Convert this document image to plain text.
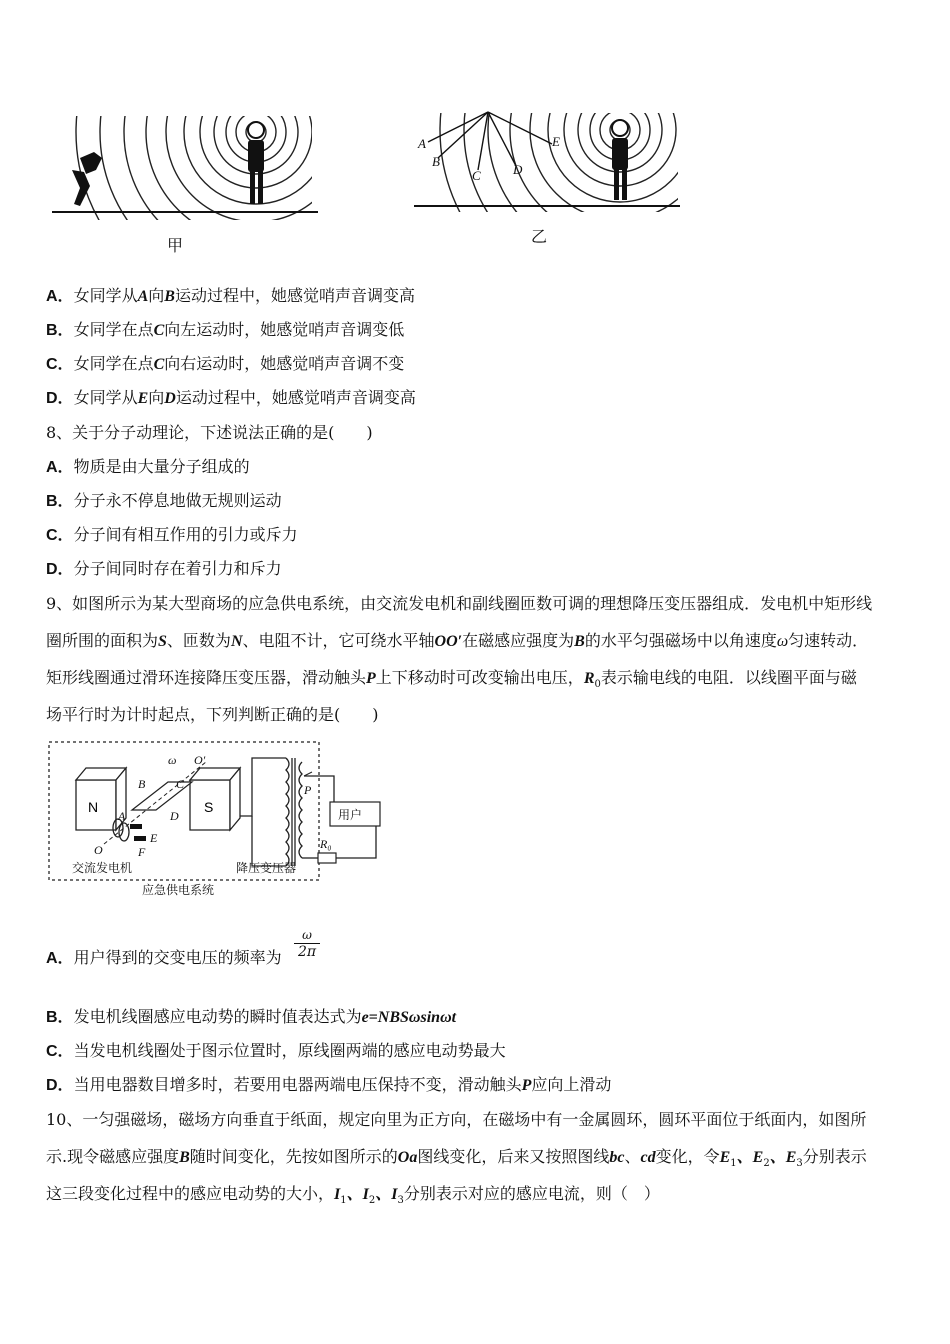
甲
A
B
C D
E
乙
A．女同学从A向B运动过程中，她感觉哨声音调变高
B．女同学在点C向左运动时，她感觉哨声音调变低
C．女同学在点C向右运动时，她感觉哨声音调不变
D．女同学从E向D运动过程中，她感觉哨声音调变高
8、关于分子动理论，下述说法正确的是(　　)
A．物质是由大量分子组成的
B．分子永不停息地做无规则运动
C．分子间有相互作用的引力或斥力
D．分子间同时存在着引力和斥力
9、如图所示为某大型商场的应急供电系统，由交流发电机和副线圈匝数可调的理想降压变压器组成．发电机中矩形线
圈所围的面积为S、匝数为N、电阻不计，它可绕水平轴OO′在磁感应强度为B的水平匀强磁场中以角速度ω匀速转动．
矩形线圈通过滑环连接降压变压器，滑动触头P上下移动时可改变输出电压，$R_0$表示输电线的电阻．以线圈平面与磁
场平行时为计时起点，下列判断正确的是(　　)
N	S
ω O′
B	C
A	D
E
F
O
P
R₀
用户
交流发电机	降压变压器
应急供电系统
A．用户得到的交变电压的频率为 $\frac{\omega}{2\pi}$
B．发电机线圈感应电动势的瞬时值表达式为e=NBSωsinωt
C．当发电机线圈处于图示位置时，原线圈两端的感应电动势最大
D．当用电器数目增多时，若要用电器两端电压保持不变，滑动触头P应向上滑动
10、一匀强磁场，磁场方向垂直于纸面，规定向里为正方向，在磁场中有一金属圆环，圆环平面位于纸面内，如图所
示.现令磁感应强度B随时间变化，先按如图所示的Oa图线变化，后来又按照图线bc、cd变化，令$E_1$、$E_2$、$E_3$分别表示
这三段变化过程中的感应电动势的大小，$I_1$、$I_2$、$I_3$分别表示对应的感应电流，则（　）
